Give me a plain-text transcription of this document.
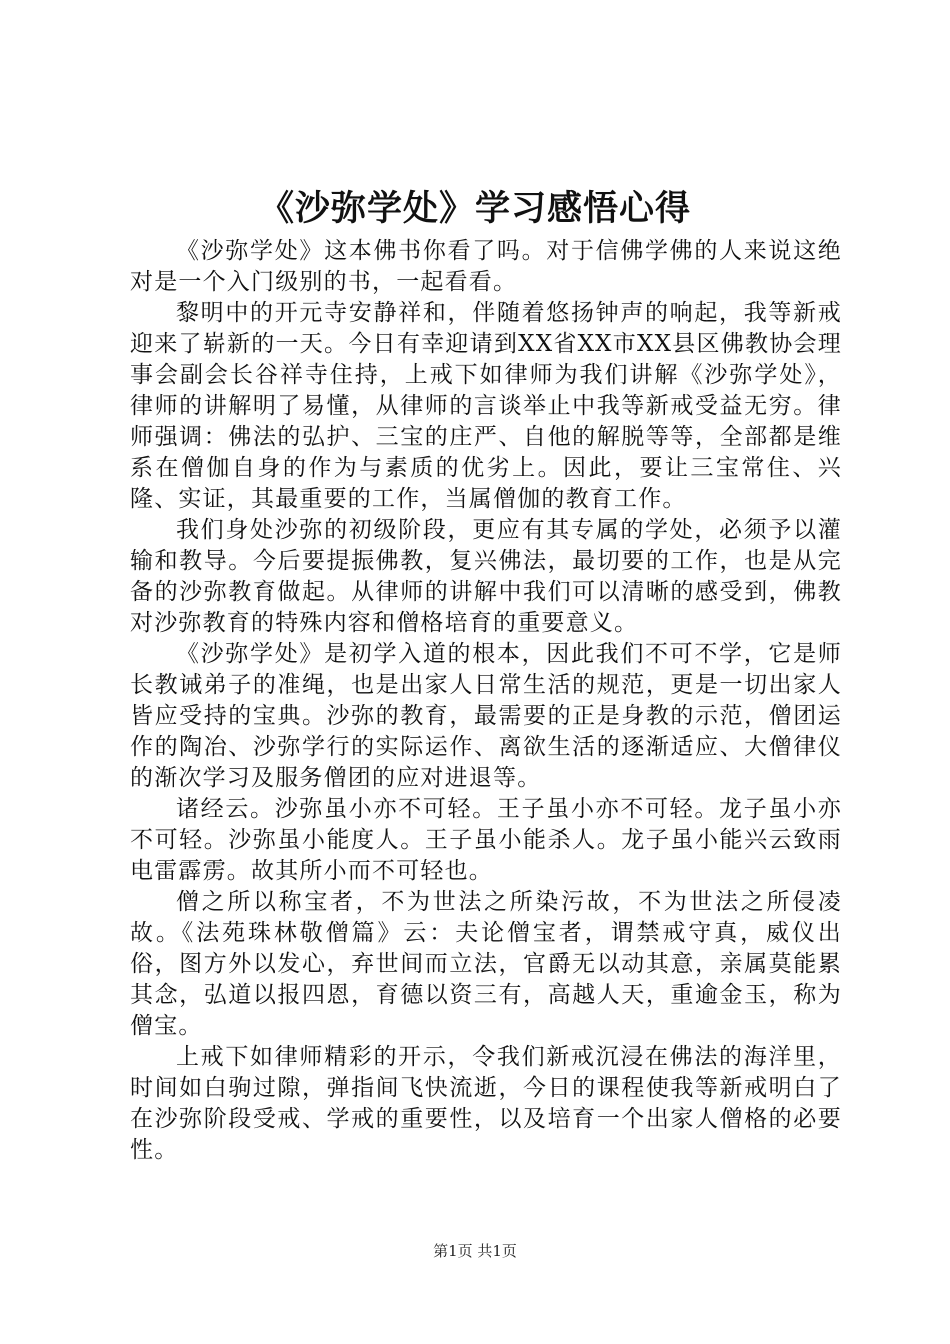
《沙弥学处》学习感悟心得

《沙弥学处》这本佛书你看了吗。对于信佛学佛的人来说这绝对是一个入门级别的书，一起看看。

黎明中的开元寺安静祥和，伴随着悠扬钟声的响起，我等新戒迎来了崭新的一天。今日有幸迎请到XX省XX市XX县区佛教协会理事会副会长谷祥寺住持，上戒下如律师为我们讲解《沙弥学处》，律师的讲解明了易懂，从律师的言谈举止中我等新戒受益无穷。律师强调：佛法的弘护、三宝的庄严、自他的解脱等等，全部都是维系在僧伽自身的作为与素质的优劣上。因此，要让三宝常住、兴隆、实证，其最重要的工作，当属僧伽的教育工作。

我们身处沙弥的初级阶段，更应有其专属的学处，必须予以灌输和教导。今后要提振佛教，复兴佛法，最切要的工作，也是从完备的沙弥教育做起。从律师的讲解中我们可以清晰的感受到，佛教对沙弥教育的特殊内容和僧格培育的重要意义。

《沙弥学处》是初学入道的根本，因此我们不可不学，它是师长教诫弟子的准绳，也是出家人日常生活的规范，更是一切出家人皆应受持的宝典。沙弥的教育，最需要的正是身教的示范，僧团运作的陶冶、沙弥学行的实际运作、离欲生活的逐渐适应、大僧律仪的渐次学习及服务僧团的应对进退等。

诸经云。沙弥虽小亦不可轻。王子虽小亦不可轻。龙子虽小亦不可轻。沙弥虽小能度人。王子虽小能杀人。龙子虽小能兴云致雨电雷霹雳。故其所小而不可轻也。

僧之所以称宝者，不为世法之所染污故，不为世法之所侵凌故。《法苑珠林敬僧篇》云：夫论僧宝者，谓禁戒守真，威仪出俗，图方外以发心，弃世间而立法，官爵无以动其意，亲属莫能累其念，弘道以报四恩，育德以资三有，高越人天，重逾金玉，称为僧宝。

上戒下如律师精彩的开示，令我们新戒沉浸在佛法的海洋里，时间如白驹过隙，弹指间飞快流逝，今日的课程使我等新戒明白了在沙弥阶段受戒、学戒的重要性，以及培育一个出家人僧格的必要性。

第1页 共1页
